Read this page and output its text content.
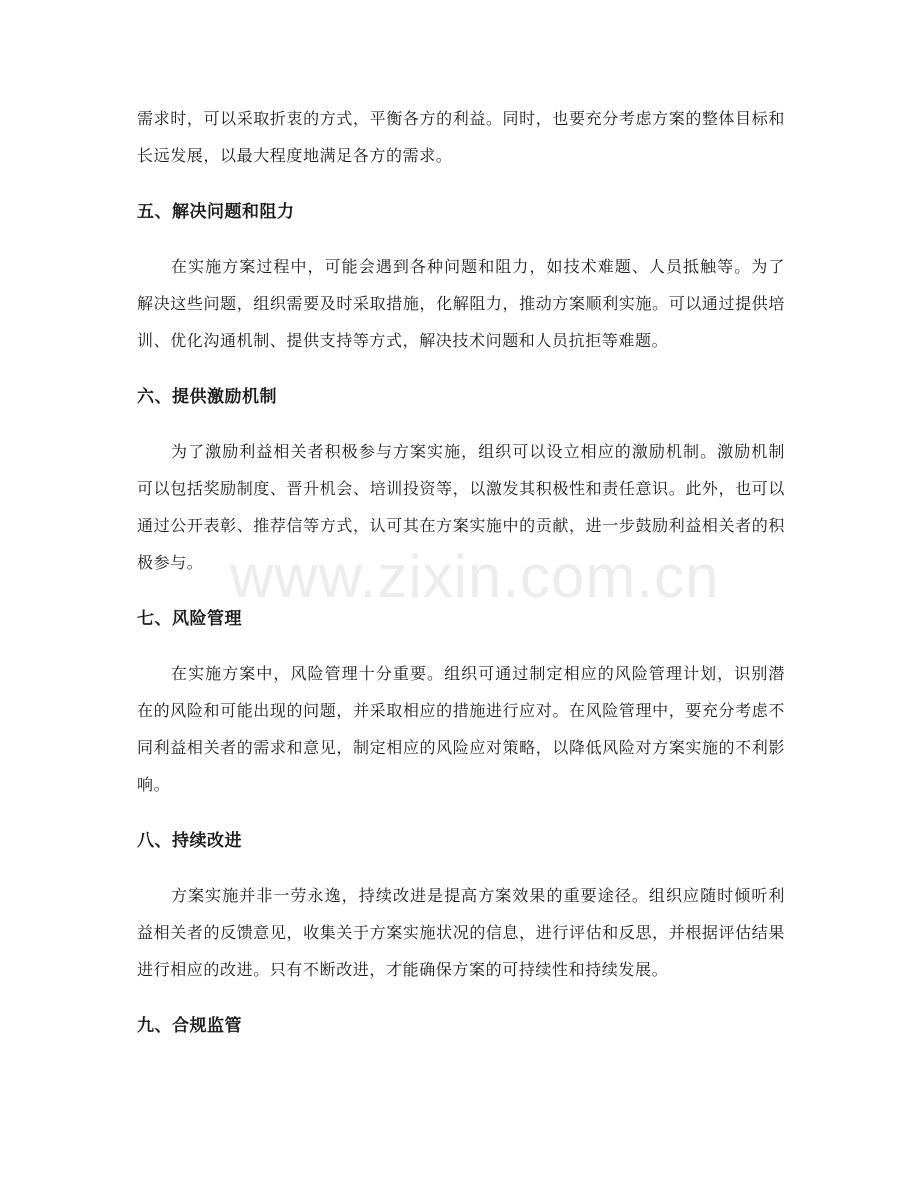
需求时，可以采取折衷的方式，平衡各方的利益。同时，也要充分考虑方案的整体目标和长远发展，以最大程度地满足各方的需求。

五、解决问题和阻力

在实施方案过程中，可能会遇到各种问题和阻力，如技术难题、人员抵触等。为了解决这些问题，组织需要及时采取措施，化解阻力，推动方案顺利实施。可以通过提供培训、优化沟通机制、提供支持等方式，解决技术问题和人员抗拒等难题。

六、提供激励机制

为了激励利益相关者积极参与方案实施，组织可以设立相应的激励机制。激励机制可以包括奖励制度、晋升机会、培训投资等，以激发其积极性和责任意识。此外，也可以通过公开表彰、推荐信等方式，认可其在方案实施中的贡献，进一步鼓励利益相关者的积极参与。

七、风险管理

在实施方案中，风险管理十分重要。组织可通过制定相应的风险管理计划，识别潜在的风险和可能出现的问题，并采取相应的措施进行应对。在风险管理中，要充分考虑不同利益相关者的需求和意见，制定相应的风险应对策略，以降低风险对方案实施的不利影响。

八、持续改进

方案实施并非一劳永逸，持续改进是提高方案效果的重要途径。组织应随时倾听利益相关者的反馈意见，收集关于方案实施状况的信息，进行评估和反思，并根据评估结果进行相应的改进。只有不断改进，才能确保方案的可持续性和持续发展。

九、合规监管
www.zixin.com.cn
